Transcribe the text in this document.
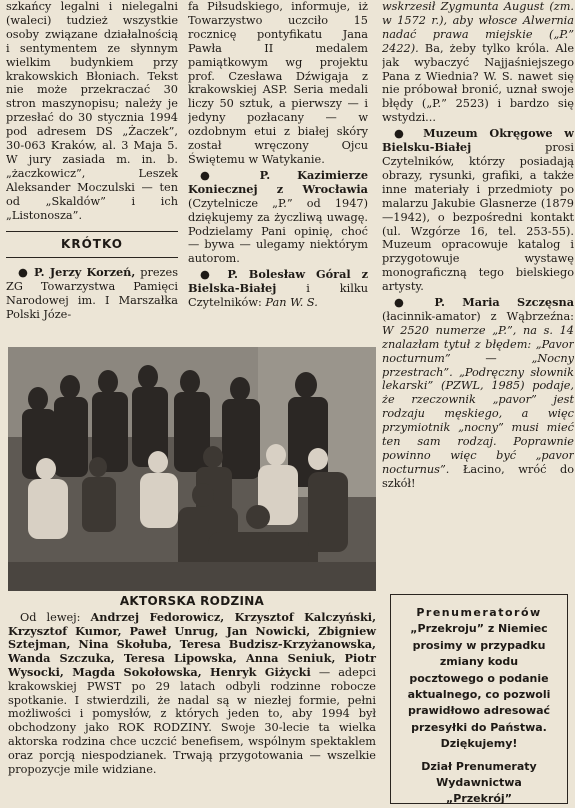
szkańcy legalni i nielegalni (waleci) tudzież wszystkie osoby związane działalnością i sentymentem ze słynnym wielkim budynkiem przy krakowskich Błoniach. Tekst nie może przekraczać 30 stron maszynopisu; należy je przesłać do 30 stycznia 1994 pod adresem DS „Żaczek”, 30-063 Kraków, al. 3 Maja 5. W jury zasiada m. in. b. „żaczkowicz”, Leszek Aleksander Moczulski — ten od „Skaldów” i ich „Listonosza”.

KRÓTKO

● P. Jerzy Korzeń, prezes ZG Towarzystwa Pamięci Narodowej im. I Marszałka Polski Józe-

fa Piłsudskiego, informuje, iż Towarzystwo uczciło 15 rocznicę pontyfikatu Jana Pawła II medalem pamiątkowym wg projektu prof. Czesława Dźwigaja z krakowskiej ASP. Seria medali liczy 50 sztuk, a pierwszy — i jedyny pozłacany — w ozdobnym etui z białej skóry został wręczony Ojcu Świętemu w Watykanie.

● P. Kazimierze Koniecznej z Wrocławia (Czytelnicze „P.” od 1947) dziękujemy za życzliwą uwagę. Podzielamy Pani opinię, choć — bywa — ulegamy niektórym autorom.

● P. Bolesław Góral z Bielska-Białej	i kilku Czytelników: Pan W. S.

wskrzesił Zygmunta August (zm. w 1572 r.), aby włosce Alwernia nadać prawa miejskie („P.” 2422). Ba, żeby tylko króla. Ale jak wybaczyć Najjaśniejszego Pana z Wiednia? W. S. nawet się nie próbował bronić, uznał swoje błędy („P.” 2523) i bardzo się wstydzi...

● Muzeum Okręgowe w Bielsku-Białej	prosi Czytelników, którzy posiadają obrazy, rysunki, grafiki, a także inne materiały i przedmioty po malarzu Jakubie Glasnerze (1879—1942), o bezpośredni kontakt (ul. Wzgórze 16, tel. 253-55). Muzeum opracowuje katalog i przygotowuje wystawę monograficzną tego bielskiego artysty.

● P. Maria Szczęsna (łacinnik-amator) z Wąbrzeźna: W 2520 numerze „P.”, na s. 14 znalazłam tytuł z błędem: „Pavor nocturnum” — „Nocny przestrach”. „Podręczny słownik lekarski” (PZWL, 1985) podaje, że rzeczownik „pavor” jest rodzaju męskiego, a więc przymiotnik „nocny” musi mieć ten sam rodzaj. Poprawnie powinno więc być „pavor nocturnus”. Łacino, wróć do szkół!

AKTORSKA RODZINA

Od lewej: Andrzej Fedorowicz, Krzysztof Kalczyński, Krzysztof Kumor, Paweł Unrug, Jan Nowicki, Zbigniew Sztejman, Nina Skołuba, Teresa Budzisz-Krzyżanowska, Wanda Szczuka, Teresa Lipowska, Anna Seniuk, Piotr Wysocki, Magda Sokołowska, Henryk Giżycki — adepci krakowskiej PWST po 29 latach odbyli rodzinne robocze spotkanie. I stwierdzili, że nadal są w niezłej formie, pełni możliwości i pomysłów, z których jeden to, aby 1994 był obchodzony jako ROK RODZINY. Swoje 30-lecie ta wielka aktorska rodzina chce uczcić benefisem, wspólnym spektaklem oraz porcją niespodzianek. Trwają przygotowania — wszelkie propozycje mile widziane.

Prenumeratorów

„Przekroju” z Niemiec prosimy w przypadku zmiany kodu pocztowego o podanie aktualnego, co pozwoli prawidłowo adresować przesyłki do Państwa.

Dziękujemy!

Dział Prenumeraty Wydawnictwa

„Przekrój”
